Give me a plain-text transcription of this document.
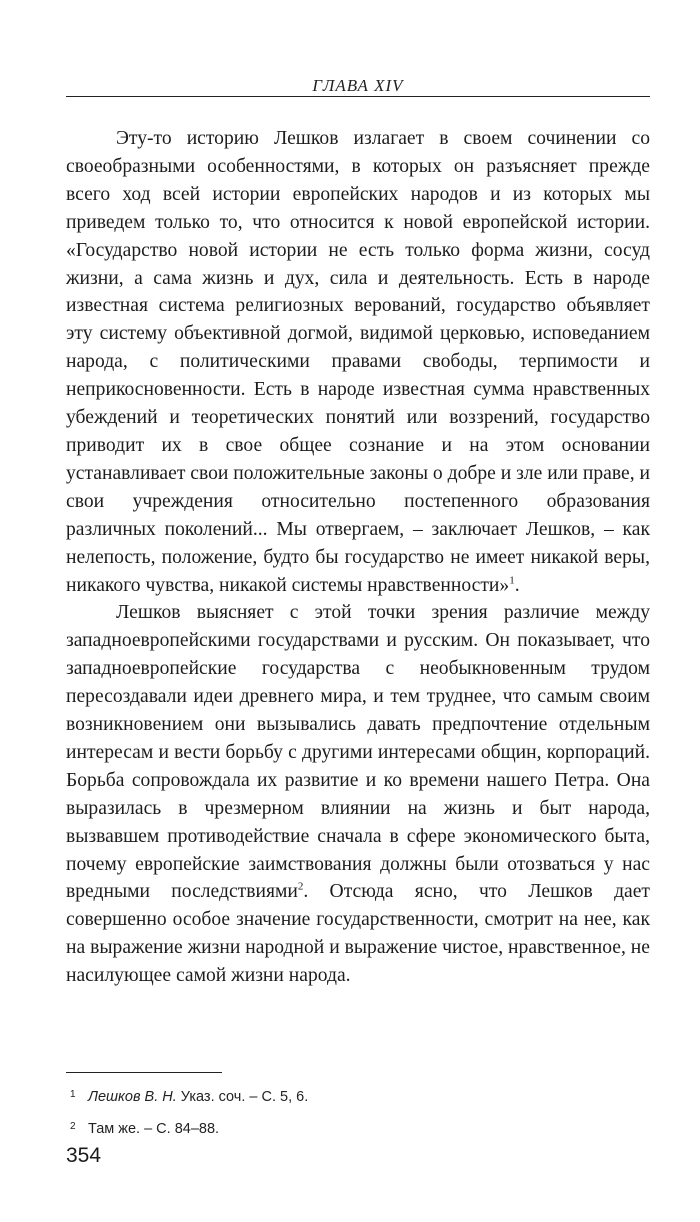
ГЛАВА XIV

Эту-то историю Лешков излагает в своем сочинении со своеобразными особенностями, в которых он разъясняет прежде всего ход всей истории европейских народов и из которых мы приведем только то, что относится к новой европейской истории. «Государство новой истории не есть только форма жизни, сосуд жизни, а сама жизнь и дух, сила и деятельность. Есть в народе известная система религиозных верований, государство объявляет эту систему объективной догмой, видимой церковью, исповеданием народа, с политическими правами свободы, терпимости и неприкосновенности. Есть в народе известная сумма нравственных убеждений и теоретических понятий или воззрений, государство приводит их в свое общее сознание и на этом основании устанавливает свои положительные законы о добре и зле или праве, и свои учреждения относительно постепенного образования различных поколений... Мы отвергаем, – заключает Лешков, – как нелепость, положение, будто бы государство не имеет никакой веры, никакого чувства, никакой системы нравственности»$^1$.

Лешков выясняет с этой точки зрения различие между западноевропейскими государствами и русским. Он показывает, что западноевропейские государства с необыкновенным трудом пересоздавали идеи древнего мира, и тем труднее, что самым своим возникновением они вызывались давать предпочтение отдельным интересам и вести борьбу с другими интересами общин, корпораций. Борьба сопровождала их развитие и ко времени нашего Петра. Она выразилась в чрезмерном влиянии на жизнь и быт народа, вызвавшем противодействие сначала в сфере экономического быта, почему европейские заимствования должны были отозваться у нас вредными последствиями$^2$. Отсюда ясно, что Лешков дает совершенно особое значение государственности, смотрит на нее, как на выражение жизни народной и выражение чистое, нравственное, не насилующее самой жизни народа.

1 Лешков В. Н. Указ. соч. – С. 5, 6.
2 Там же. – С. 84–88.
354
